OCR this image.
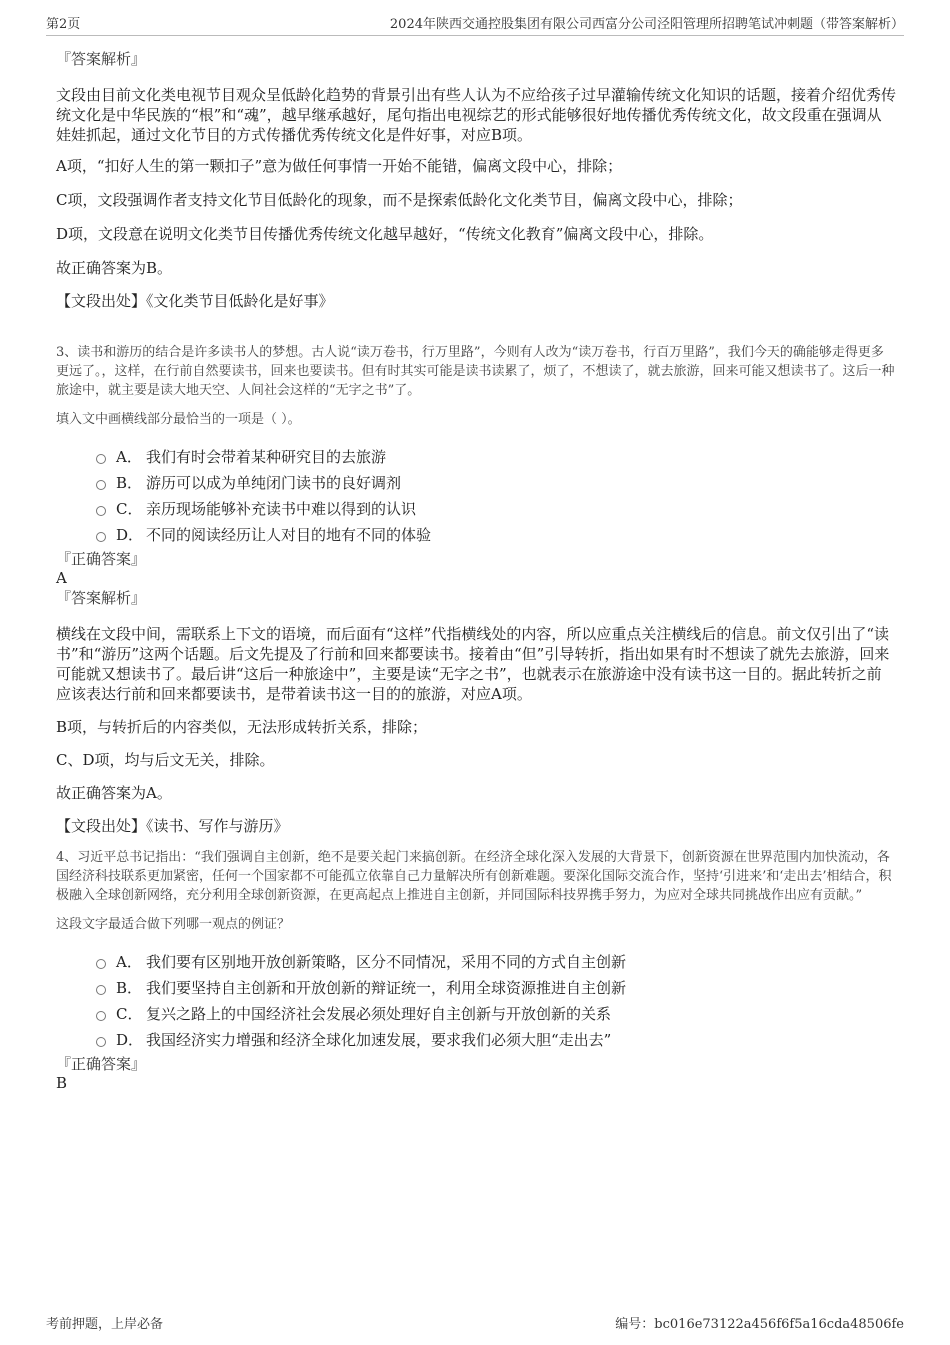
第2页	2024年陕西交通控股集团有限公司西富分公司泾阳管理所招聘笔试冲刺题（带答案解析）

『答案解析』

文段由目前文化类电视节目观众呈低龄化趋势的背景引出有些人认为不应给孩子过早灌输传统文化知识的话题，接着介绍优秀传统文化是中华民族的“根”和“魂”，越早继承越好，尾句指出电视综艺的形式能够很好地传播优秀传统文化，故文段重在强调从娃娃抓起，通过文化节目的方式传播优秀传统文化是件好事，对应B项。

A项，“扣好人生的第一颗扣子”意为做任何事情一开始不能错，偏离文段中心，排除；

C项，文段强调作者支持文化节目低龄化的现象，而不是探索低龄化文化类节目，偏离文段中心，排除；

D项，文段意在说明文化类节目传播优秀传统文化越早越好，“传统文化教育”偏离文段中心，排除。

故正确答案为B。

【文段出处】《文化类节目低龄化是好事》

3、读书和游历的结合是许多读书人的梦想。古人说“读万卷书，行万里路”，今则有人改为“读万卷书，行百万里路”，我们今天的确能够走得更多更远了。，这样，在行前自然要读书，回来也要读书。但有时其实可能是读书读累了，烦了，不想读了，就去旅游，回来可能又想读书了。这后一种旅途中，就主要是读大地天空、人间社会这样的“无字之书”了。

填入文中画横线部分最恰当的一项是（ ）。

A． 我们有时会带着某种研究目的去旅游
B． 游历可以成为单纯闭门读书的良好调剂
C． 亲历现场能够补充读书中难以得到的认识
D． 不同的阅读经历让人对目的地有不同的体验

『正确答案』

A

『答案解析』

横线在文段中间，需联系上下文的语境，而后面有“这样”代指横线处的内容，所以应重点关注横线后的信息。前文仅引出了“读书”和“游历”这两个话题。后文先提及了行前和回来都要读书。接着由“但”引导转折，指出如果有时不想读了就先去旅游，回来可能就又想读书了。最后讲“这后一种旅途中”，主要是读“无字之书”，也就表示在旅游途中没有读书这一目的。据此转折之前应该表达行前和回来都要读书，是带着读书这一目的的旅游，对应A项。

B项，与转折后的内容类似，无法形成转折关系，排除；

C、D项，均与后文无关，排除。

故正确答案为A。

【文段出处】《读书、写作与游历》

4、习近平总书记指出：“我们强调自主创新，绝不是要关起门来搞创新。在经济全球化深入发展的大背景下，创新资源在世界范围内加快流动，各国经济科技联系更加紧密，任何一个国家都不可能孤立依靠自己力量解决所有创新难题。要深化国际交流合作，坚持‘引进来’和‘走出去’相结合，积极融入全球创新网络，充分利用全球创新资源，在更高起点上推进自主创新，并同国际科技界携手努力，为应对全球共同挑战作出应有贡献。”

这段文字最适合做下列哪一观点的例证？

A． 我们要有区别地开放创新策略，区分不同情况，采用不同的方式自主创新
B． 我们要坚持自主创新和开放创新的辩证统一，利用全球资源推进自主创新
C． 复兴之路上的中国经济社会发展必须处理好自主创新与开放创新的关系
D． 我国经济实力增强和经济全球化加速发展，要求我们必须大胆“走出去”

『正确答案』

B

考前押题，上岸必备	编号：bc016e73122a456f6f5a16cda48506fe
